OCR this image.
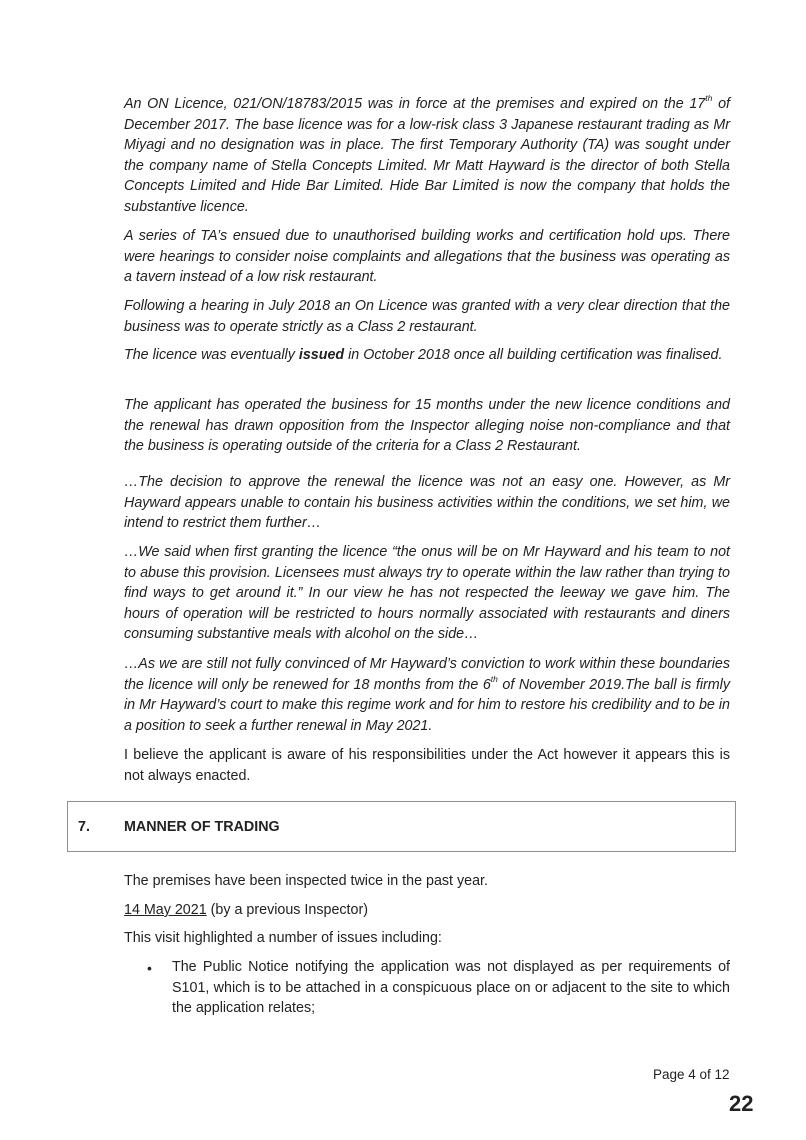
An ON Licence, 021/ON/18783/2015 was in force at the premises and expired on the 17th of December 2017. The base licence was for a low-risk class 3 Japanese restaurant trading as Mr Miyagi and no designation was in place. The first Temporary Authority (TA) was sought under the company name of Stella Concepts Limited. Mr Matt Hayward is the director of both Stella Concepts Limited and Hide Bar Limited. Hide Bar Limited is now the company that holds the substantive licence.

A series of TA’s ensued due to unauthorised building works and certification hold ups. There were hearings to consider noise complaints and allegations that the business was operating as a tavern instead of a low risk restaurant.

Following a hearing in July 2018 an On Licence was granted with a very clear direction that the business was to operate strictly as a Class 2 restaurant.

The licence was eventually issued in October 2018 once all building certification was finalised.

The applicant has operated the business for 15 months under the new licence conditions and the renewal has drawn opposition from the Inspector alleging noise non-compliance and that the business is operating outside of the criteria for a Class 2 Restaurant.

…The decision to approve the renewal the licence was not an easy one. However, as Mr Hayward appears unable to contain his business activities within the conditions, we set him, we intend to restrict them further…

…We said when first granting the licence “the onus will be on Mr Hayward and his team to not to abuse this provision. Licensees must always try to operate within the law rather than trying to find ways to get around it.” In our view he has not respected the leeway we gave him. The hours of operation will be restricted to hours normally associated with restaurants and diners consuming substantive meals with alcohol on the side…

…As we are still not fully convinced of Mr Hayward’s conviction to work within these boundaries the licence will only be renewed for 18 months from the 6th of November 2019.The ball is firmly in Mr Hayward’s court to make this regime work and for him to restore his credibility and to be in a position to seek a further renewal in May 2021.

I believe the applicant is aware of his responsibilities under the Act however it appears this is not always enacted.

7. MANNER OF TRADING

The premises have been inspected twice in the past year.

14 May 2021 (by a previous Inspector)

This visit highlighted a number of issues including:

• The Public Notice notifying the application was not displayed as per requirements of S101, which is to be attached in a conspicuous place on or adjacent to the site to which the application relates;

Page 4 of 12
22
